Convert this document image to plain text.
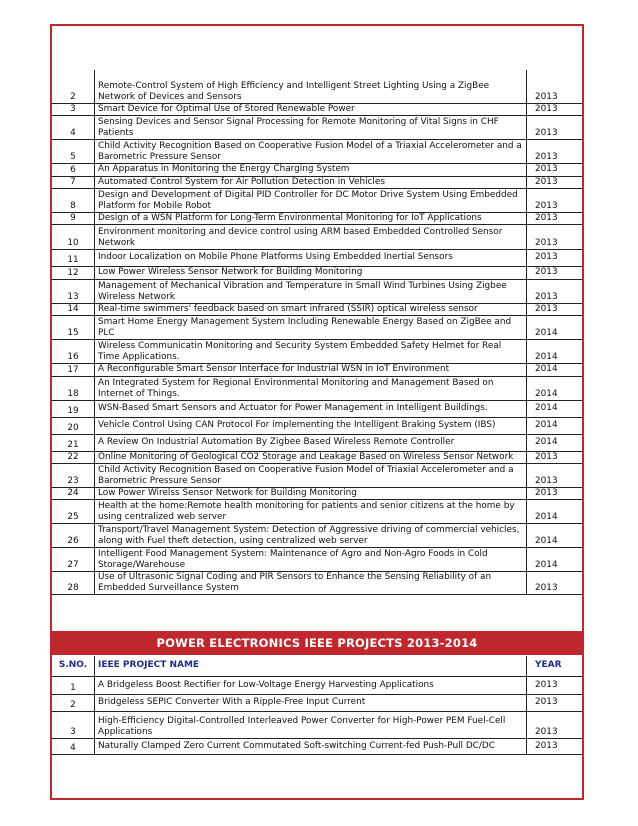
2	Remote-Control System of High Efficiency and Intelligent Street Lighting Using a ZigBee Network of Devices and Sensors	2013
3	Smart Device for Optimal Use of Stored Renewable Power	2013
4	Sensing Devices and Sensor Signal Processing for Remote Monitoring of Vital Signs in CHF Patients	2013
5	Child Activity Recognition Based on Cooperative Fusion Model of a Triaxial Accelerometer and a Barometric Pressure Sensor	2013
6	An Apparatus in Monitoring the Energy Charging System	2013
7	Automated Control System for Air Pollution Detection in Vehicles	2013
8	Design and Development of Digital PID Controller for DC Motor Drive System Using Embedded Platform for Mobile Robot	2013
9	Design of a WSN Platform for Long-Term Environmental Monitoring for IoT Applications	2013
10	Environment monitoring and device control using ARM based Embedded Controlled Sensor Network	2013
11	Indoor Localization on Mobile Phone Platforms Using Embedded Inertial Sensors	2013
12	Low Power Wireless Sensor Network for Building Monitoring	2013
13	Management of Mechanical Vibration and Temperature in Small Wind Turbines Using Zigbee Wireless Network	2013
14	Real-time swimmers' feedback based on smart infrared (SSIR) optical wireless sensor	2013
15	Smart Home Energy Management System Including Renewable Energy Based on ZigBee and PLC	2014
16	Wireless Communicatin Monitoring and Security System Embedded Safety Helmet for Real Time Applications.	2014
17	A Reconfigurable Smart Sensor Interface for Industrial WSN in IoT Environment	2014
18	An Integrated System for Regional Environmental Monitoring and Management Based on Internet of Things.	2014
19	WSN-Based Smart Sensors and Actuator for Power Management in Intelligent Buildings.	2014
20	Vehicle Control Using CAN Protocol For implementing the Intelligent Braking System (IBS)	2014
21	A Review On Industrial Automation By Zigbee Based Wireless Remote Controller	2014
22	Online Monitoring of Geological CO2 Storage and Leakage Based on Wireless Sensor Network	2013
23	Child Activity Recognition Based on Cooperative Fusion Model of Triaxial Accelerometer and a Barometric Pressure Sensor	2013
24	Low Power Wirelss Sensor Network for Building Monitoring	2013
25	Health at the home:Remote health monitoring for patients and senior citizens at the home by using centralized web server	2014
26	Transport/Travel Management System: Detection of Aggressive driving of commercial vehicles, along with Fuel theft detection, using centralized web server	2014
27	Intelligent Food Management System: Maintenance of Agro and Non-Agro Foods in Cold Storage/Warehouse	2014
28	Use of Ultrasonic Signal Coding and PIR Sensors to Enhance the Sensing Reliability of an Embedded Surveillance System	2013
POWER ELECTRONICS IEEE PROJECTS 2013-2014
S.NO.	IEEE PROJECT NAME	YEAR
1	A Bridgeless Boost Rectifier for Low-Voltage Energy Harvesting Applications	2013
2	Bridgeless SEPIC Converter With a Ripple-Free Input Current	2013
3	High-Efficiency Digital-Controlled Interleaved Power Converter for High-Power PEM Fuel-Cell Applications	2013
4	Naturally Clamped Zero Current Commutated Soft-switching Current-fed Push-Pull DC/DC	2013
